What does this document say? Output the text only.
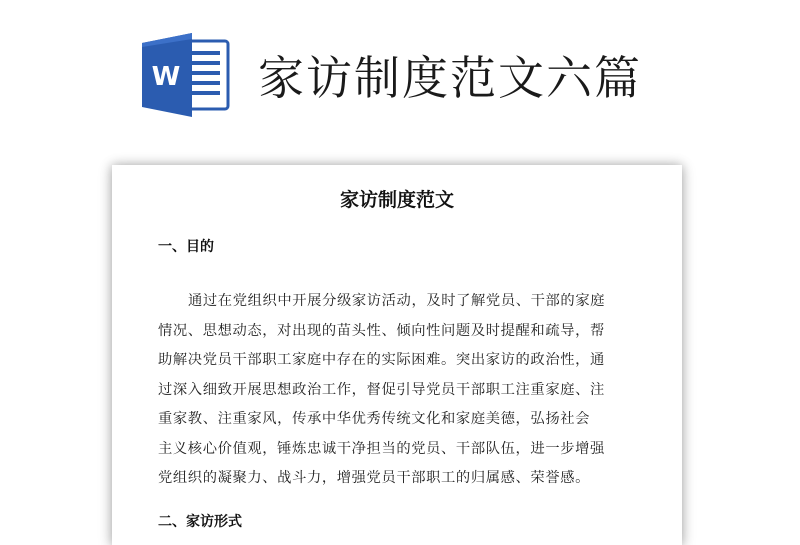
W 家访制度范文六篇
家访制度范文
一、目的
通过在党组织中开展分级家访活动，及时了解党员、干部的家庭
情况、思想动态，对出现的苗头性、倾向性问题及时提醒和疏导，帮
助解决党员干部职工家庭中存在的实际困难。突出家访的政治性，通
过深入细致开展思想政治工作，督促引导党员干部职工注重家庭、注
重家教、注重家风，传承中华优秀传统文化和家庭美德，弘扬社会
主义核心价值观，锤炼忠诚干净担当的党员、干部队伍，进一步增强
党组织的凝聚力、战斗力，增强党员干部职工的归属感、荣誉感。
二、家访形式
